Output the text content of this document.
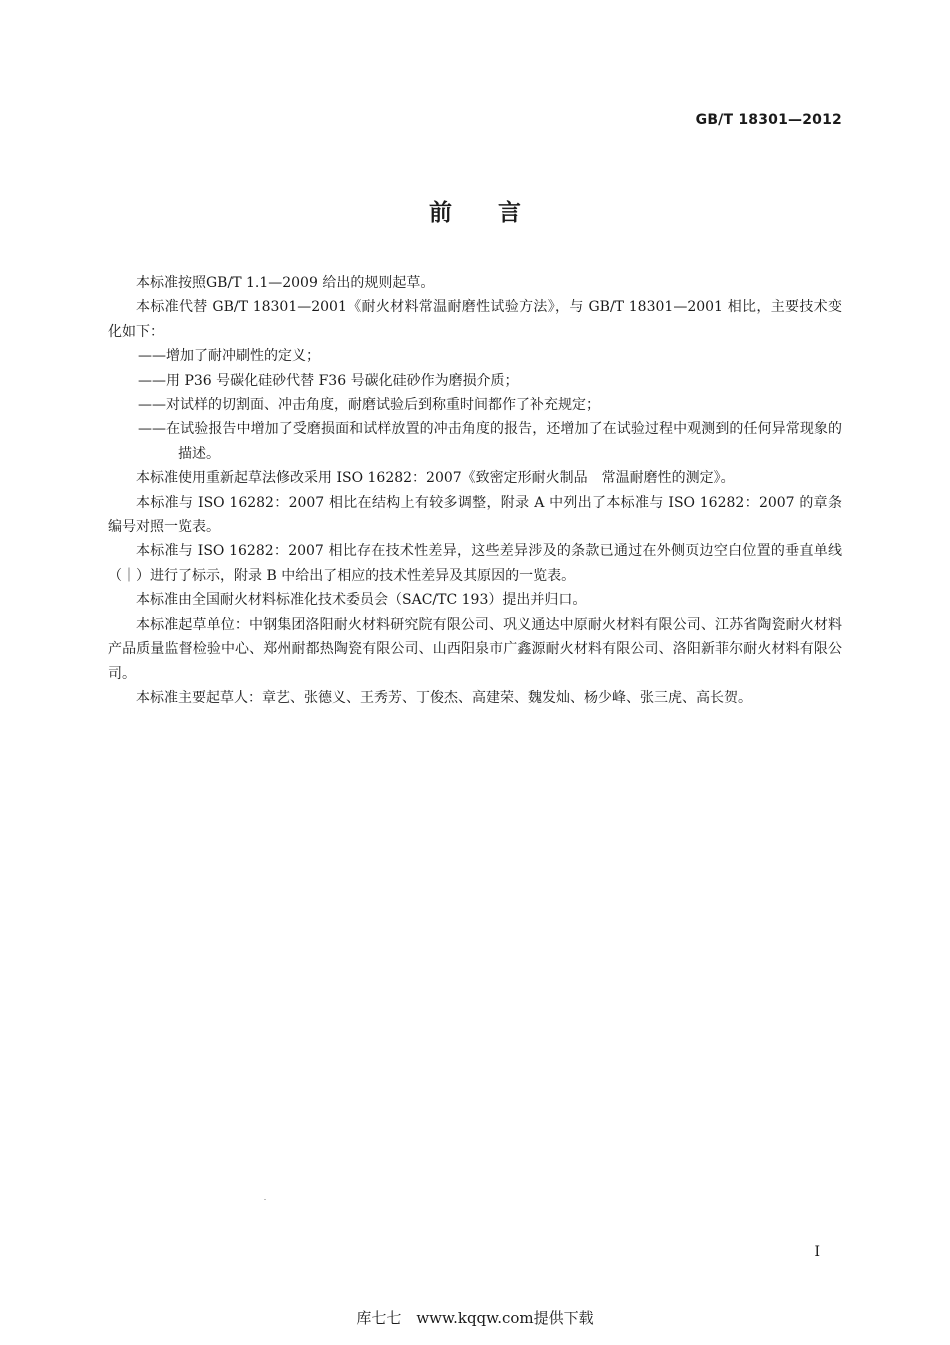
GB/T 18301—2012
前言

本标准按照GB/T 1.1—2009 给出的规则起草。

本标准代替 GB/T 18301—2001《耐火材料常温耐磨性试验方法》，与 GB/T 18301—2001 相比，主要技术变化如下：

——增加了耐冲刷性的定义；

——用 P36 号碳化硅砂代替 F36 号碳化硅砂作为磨损介质；

——对试样的切割面、冲击角度，耐磨试验后到称重时间都作了补充规定；

——在试验报告中增加了受磨损面和试样放置的冲击角度的报告，还增加了在试验过程中观测到的任何异常现象的描述。

本标准使用重新起草法修改采用 ISO 16282：2007《致密定形耐火制品　常温耐磨性的测定》。

本标准与 ISO 16282：2007 相比在结构上有较多调整，附录 A 中列出了本标准与 ISO 16282：2007 的章条编号对照一览表。

本标准与 ISO 16282：2007 相比存在技术性差异，这些差异涉及的条款已通过在外侧页边空白位置的垂直单线（｜）进行了标示，附录 B 中给出了相应的技术性差异及其原因的一览表。

本标准由全国耐火材料标准化技术委员会（SAC/TC 193）提出并归口。

本标准起草单位：中钢集团洛阳耐火材料研究院有限公司、巩义通达中原耐火材料有限公司、江苏省陶瓷耐火材料产品质量监督检验中心、郑州耐都热陶瓷有限公司、山西阳泉市广鑫源耐火材料有限公司、洛阳新菲尔耐火材料有限公司。

本标准主要起草人：章艺、张德义、王秀芳、丁俊杰、高建荣、魏发灿、杨少峰、张三虎、高长贺。

I
库七七　www.kqqw.com提供下载
